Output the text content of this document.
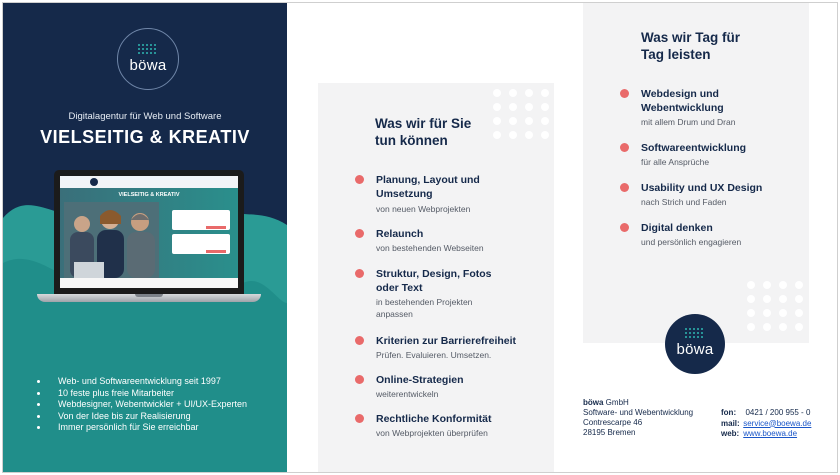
böwa
Digitalagentur für Web und Software
VIELSEITIG & KREATIV
VIELSEITIG & KREATIV
Web- und Softwareentwicklung seit 1997
10 feste plus freie Mitarbeiter
Webdesigner, Webentwickler + UI/UX-Experten
Von der Idee bis zur Realisierung
Immer persönlich für Sie erreichbar
Was wir für Sie
tun können
Planung, Layout und Umsetzung
von neuen Webprojekten
Relaunch
von bestehenden Webseiten
Struktur, Design, Fotos oder Text
in bestehenden Projekten anpassen
Kriterien zur Barrierefreiheit
Prüfen. Evaluieren. Umsetzen.
Online-Strategien
weiterentwickeln
Rechtliche Konformität
von Webprojekten überprüfen
Was wir Tag für
Tag leisten
Webdesign und Webentwicklung
mit allem Drum und Dran
Softwareentwicklung
für alle Ansprüche
Usability und UX Design
nach Strich und Faden
Digital denken
und persönlich engagieren
böwa
böwa GmbH
Software- und Webentwicklung
Contrescarpe 46
28195 Bremen
fon: 0421 / 200 955 - 0
mail: service@boewa.de
web: www.boewa.de
